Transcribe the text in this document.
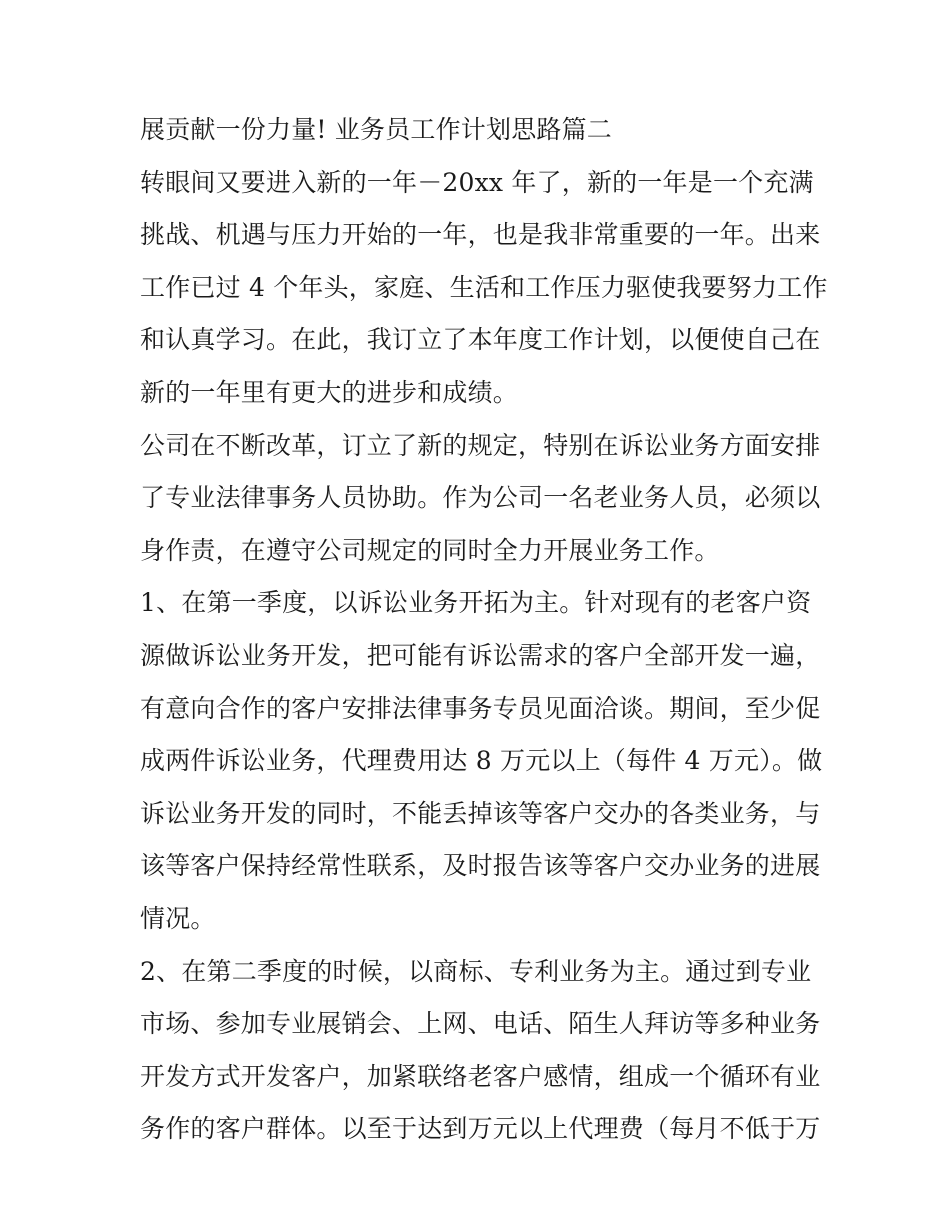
展贡献一份力量! 业务员工作计划思路篇二
转眼间又要进入新的一年－20xx 年了，新的一年是一个充满
挑战、机遇与压力开始的一年，也是我非常重要的一年。出来
工作已过 4 个年头，家庭、生活和工作压力驱使我要努力工作
和认真学习。在此，我订立了本年度工作计划，以便使自己在
新的一年里有更大的进步和成绩。
公司在不断改革，订立了新的规定，特别在诉讼业务方面安排
了专业法律事务人员协助。作为公司一名老业务人员，必须以
身作责，在遵守公司规定的同时全力开展业务工作。
1、在第一季度，以诉讼业务开拓为主。针对现有的老客户资
源做诉讼业务开发，把可能有诉讼需求的客户全部开发一遍，
有意向合作的客户安排法律事务专员见面洽谈。期间，至少促
成两件诉讼业务，代理费用达 8 万元以上（每件 4 万元）。做
诉讼业务开发的同时，不能丢掉该等客户交办的各类业务，与
该等客户保持经常性联系，及时报告该等客户交办业务的进展
情况。
2、在第二季度的时候，以商标、专利业务为主。通过到专业
市场、参加专业展销会、上网、电话、陌生人拜访等多种业务
开发方式开发客户，加紧联络老客户感情，组成一个循环有业
务作的客户群体。以至于达到万元以上代理费（每月不低于万
